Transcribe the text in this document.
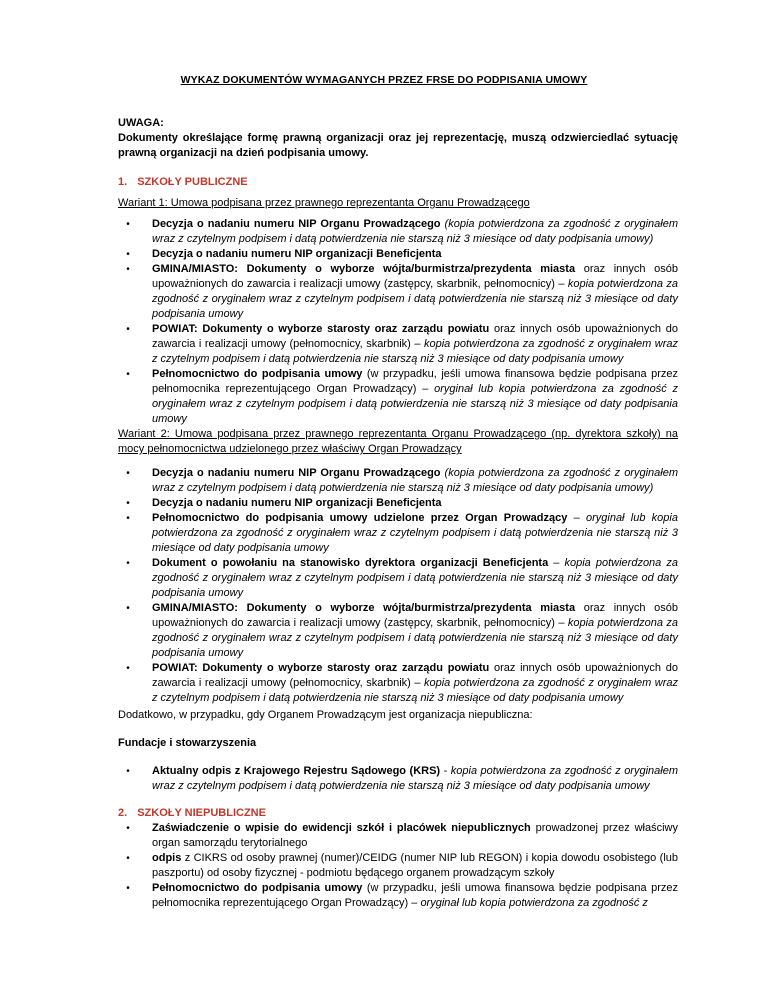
WYKAZ DOKUMENTÓW WYMAGANYCH PRZEZ FRSE DO PODPISANIA UMOWY
UWAGA:
Dokumenty określające formę prawną organizacji oraz jej reprezentację, muszą odzwierciedlać sytuację prawną organizacji na dzień podpisania umowy.
1. SZKOŁY PUBLICZNE
Wariant 1: Umowa podpisana przez prawnego reprezentanta Organu Prowadzącego
•	Decyzja o nadaniu numeru NIP Organu Prowadzącego (kopia potwierdzona za zgodność z oryginałem wraz z czytelnym podpisem i datą potwierdzenia nie starszą niż 3 miesiące od daty podpisania umowy)
•	Decyzja o nadaniu numeru NIP organizacji Beneficjenta
•	GMINA/MIASTO: Dokumenty o wyborze wójta/burmistrza/prezydenta miasta oraz innych osób upoważnionych do zawarcia i realizacji umowy (zastępcy, skarbnik, pełnomocnicy) – kopia potwierdzona za zgodność z oryginałem wraz z czytelnym podpisem i datą potwierdzenia nie starszą niż 3 miesiące od daty podpisania umowy
•	POWIAT: Dokumenty o wyborze starosty oraz zarządu powiatu oraz innych osób upoważnionych do zawarcia i realizacji umowy (pełnomocnicy, skarbnik) – kopia potwierdzona za zgodność z oryginałem wraz z czytelnym podpisem i datą potwierdzenia nie starszą niż 3 miesiące od daty podpisania umowy
•	Pełnomocnictwo do podpisania umowy (w przypadku, jeśli umowa finansowa będzie podpisana przez pełnomocnika reprezentującego Organ Prowadzący) – oryginał lub kopia potwierdzona za zgodność z oryginałem wraz z czytelnym podpisem i datą potwierdzenia nie starszą niż 3 miesiące od daty podpisania umowy
Wariant 2: Umowa podpisana przez prawnego reprezentanta Organu Prowadzącego (np. dyrektora szkoły) na mocy pełnomocnictwa udzielonego przez właściwy Organ Prowadzący
•	Decyzja o nadaniu numeru NIP Organu Prowadzącego (kopia potwierdzona za zgodność z oryginałem wraz z czytelnym podpisem i datą potwierdzenia nie starszą niż 3 miesiące od daty podpisania umowy)
•	Decyzja o nadaniu numeru NIP organizacji Beneficjenta
•	Pełnomocnictwo do podpisania umowy udzielone przez Organ Prowadzący – oryginał lub kopia potwierdzona za zgodność z oryginałem wraz z czytelnym podpisem i datą potwierdzenia nie starszą niż 3 miesiące od daty podpisania umowy
•	Dokument o powołaniu na stanowisko dyrektora organizacji Beneficjenta – kopia potwierdzona za zgodność z oryginałem wraz z czytelnym podpisem i datą potwierdzenia nie starszą niż 3 miesiące od daty podpisania umowy
•	GMINA/MIASTO: Dokumenty o wyborze wójta/burmistrza/prezydenta miasta oraz innych osób upoważnionych do zawarcia i realizacji umowy (zastępcy, skarbnik, pełnomocnicy) – kopia potwierdzona za zgodność z oryginałem wraz z czytelnym podpisem i datą potwierdzenia nie starszą niż 3 miesiące od daty podpisania umowy
•	POWIAT: Dokumenty o wyborze starosty oraz zarządu powiatu oraz innych osób upoważnionych do zawarcia i realizacji umowy (pełnomocnicy, skarbnik) – kopia potwierdzona za zgodność z oryginałem wraz z czytelnym podpisem i datą potwierdzenia nie starszą niż 3 miesiące od daty podpisania umowy
Dodatkowo, w przypadku, gdy Organem Prowadzącym jest organizacja niepubliczna:
Fundacje i stowarzyszenia
•	Aktualny odpis z Krajowego Rejestru Sądowego (KRS) - kopia potwierdzona za zgodność z oryginałem wraz z czytelnym podpisem i datą potwierdzenia nie starszą niż 3 miesiące od daty podpisania umowy
2. SZKOŁY NIEPUBLICZNE
•	Zaświadczenie o wpisie do ewidencji szkół i placówek niepublicznych prowadzonej przez właściwy organ samorządu terytorialnego
•	odpis z CIKRS od osoby prawnej (numer)/CEIDG (numer NIP lub REGON) i kopia dowodu osobistego (lub paszportu) od osoby fizycznej - podmiotu będącego organem prowadzącym szkoły
•	Pełnomocnictwo do podpisania umowy (w przypadku, jeśli umowa finansowa będzie podpisana przez pełnomocnika reprezentującego Organ Prowadzący) – oryginał lub kopia potwierdzona za zgodność z
